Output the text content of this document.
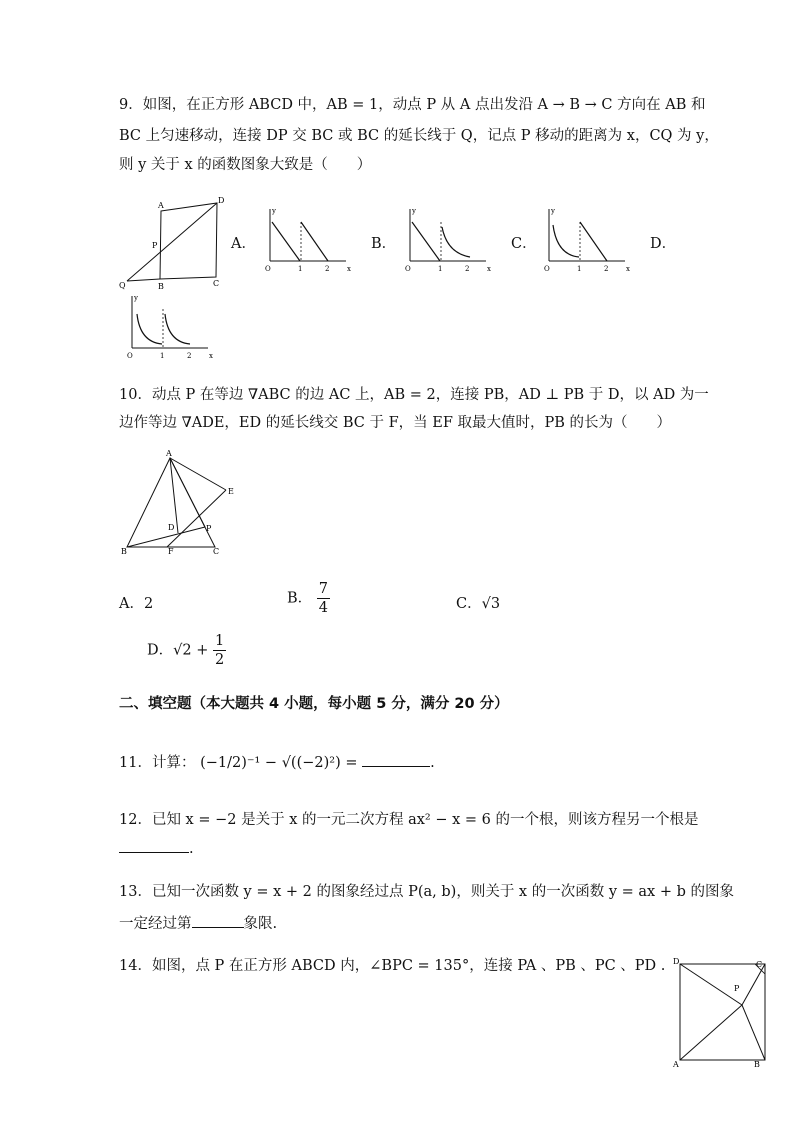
9．如图，在正方形 ABCD 中，AB = 1，动点 P 从 A 点出发沿 A → B → C 方向在 AB 和
BC 上匀速移动，连接 DP 交 BC 或 BC 的延长线于 Q，记点 P 移动的距离为 x，CQ 为 y，
则 y 关于 x 的函数图象大致是（　　）
A
D
P
Q	B	C
A．	B．	C．	D．
y
x
O	1	2
y
x
O	1	2
y
x
O	1	2
y
x
O	1	2
10．动点 P 在等边 ∇ABC 的边 AC 上，AB = 2，连接 PB，AD ⊥ PB 于 D，以 AD 为一
边作等边 ∇ADE，ED 的延长线交 BC 于 F，当 EF 取最大值时，PB 的长为（　　）
A
E
D	P
B	F	C
A．2	B． $\frac{7}{4}$	C．√3
D．$√2 + \frac{1}{2}$
二、填空题（本大题共 4 小题，每小题 5 分，满分 20 分）
11．计算： (−1/2)⁻¹ − √((−2)²) =	.
12．已知 x = −2 是关于 x 的一元二次方程 ax² − x = 6 的一个根，则该方程另一个根是
.
13．已知一次函数 y = x + 2 的图象经过点 P(a, b)，则关于 x 的一次函数 y = ax + b 的图象
一定经过第	象限.
14．如图，点 P 在正方形 ABCD 内，∠BPC = 135°，连接 PA 、PB 、PC 、PD . D	C
P
A	B
